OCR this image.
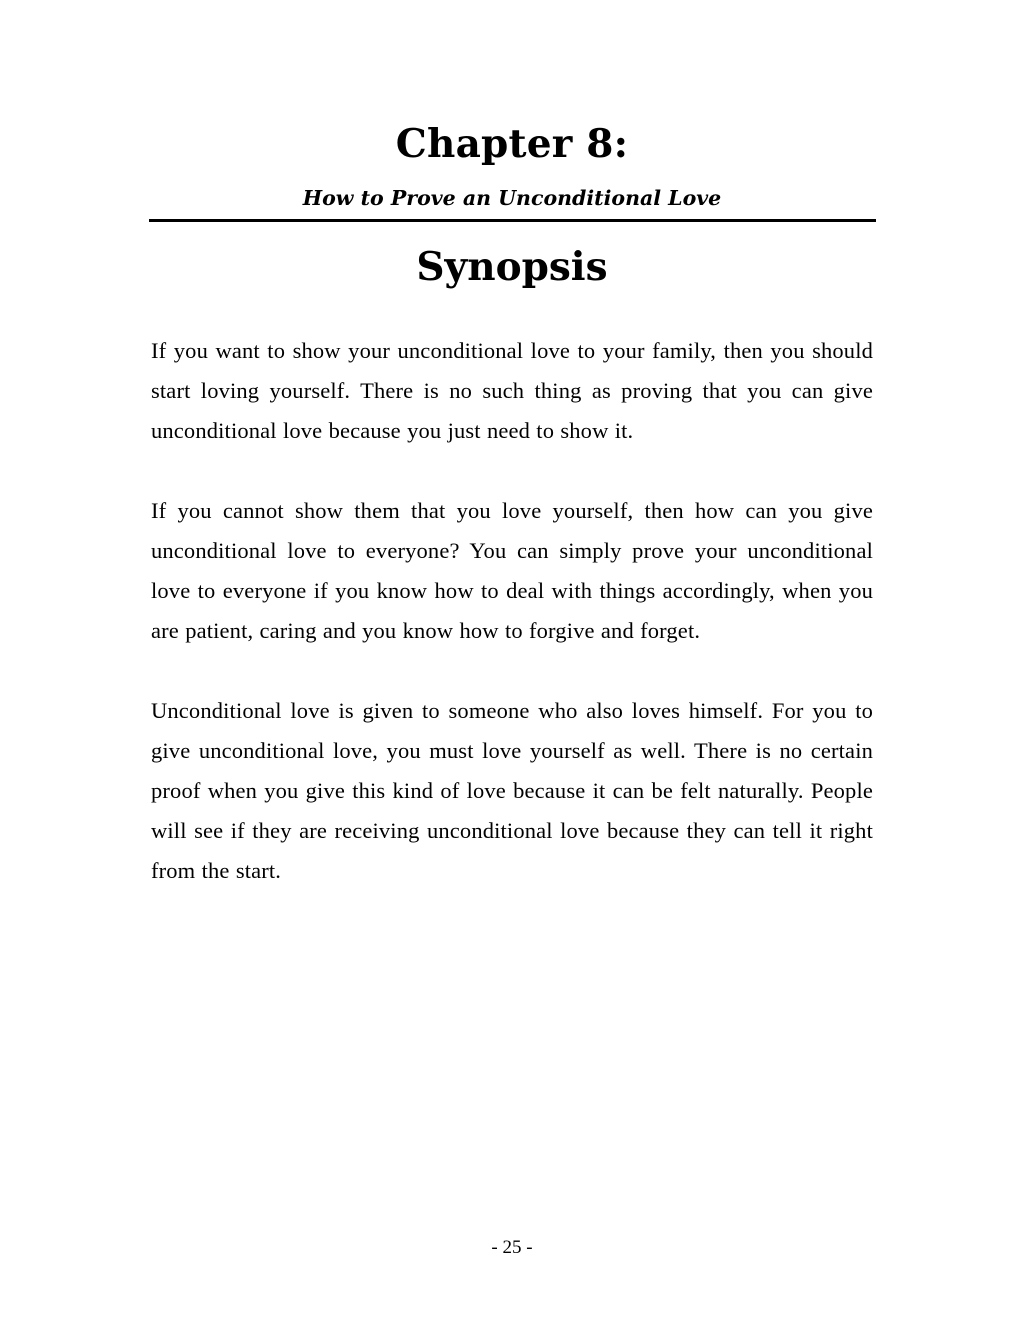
Chapter 8:
How to Prove an Unconditional Love
Synopsis

If you want to show your unconditional love to your family, then you should start loving yourself. There is no such thing as proving that you can give unconditional love because you just need to show it.

If you cannot show them that you love yourself, then how can you give unconditional love to everyone? You can simply prove your unconditional love to everyone if you know how to deal with things accordingly, when you are patient, caring and you know how to forgive and forget.

Unconditional love is given to someone who also loves himself. For you to give unconditional love, you must love yourself as well. There is no certain proof when you give this kind of love because it can be felt naturally. People will see if they are receiving unconditional love because they can tell it right from the start.

- 25 -
